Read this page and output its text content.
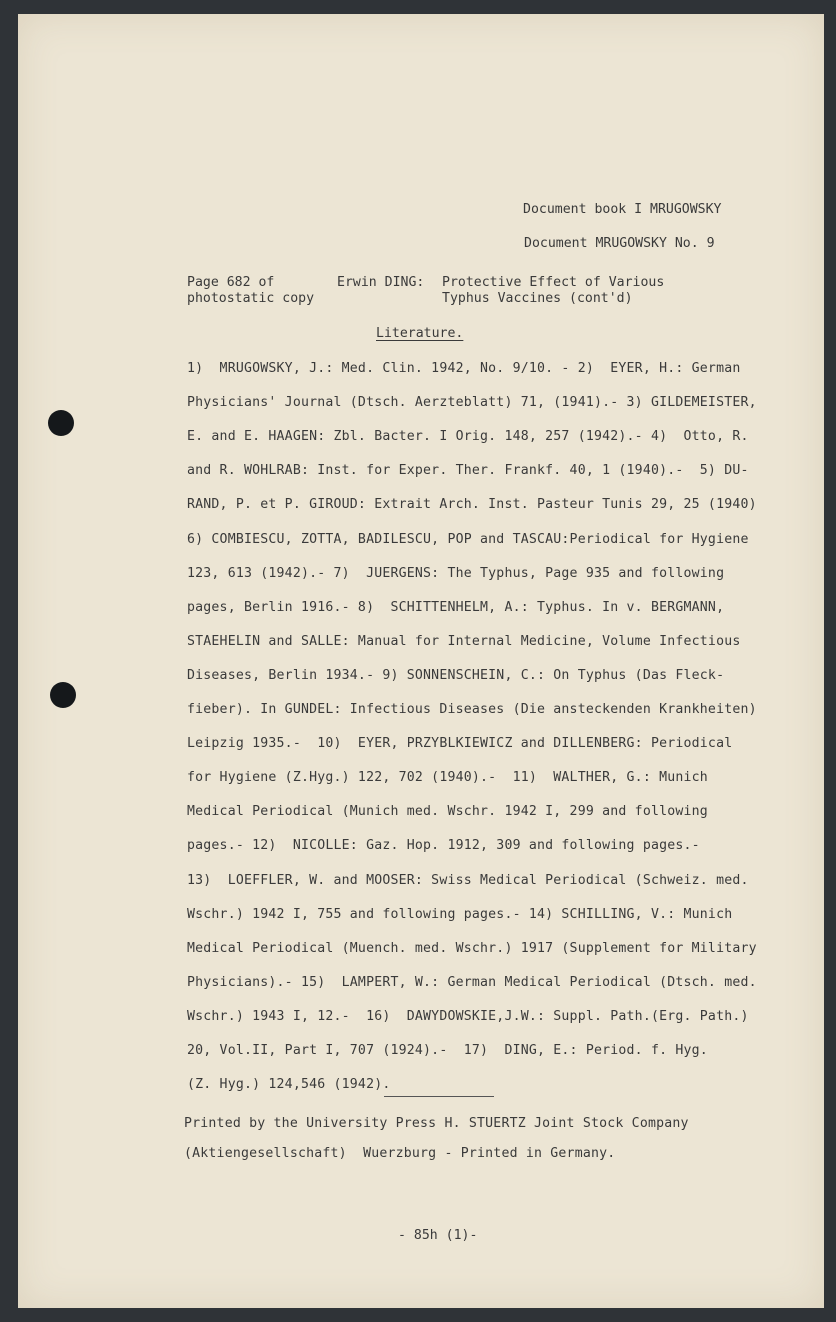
Document book I MRUGOWSKY
Document MRUGOWSKY No. 9
Page 682 of
photostatic copy
Erwin DING: Protective Effect of Various
Typhus Vaccines (cont'd)
Literature.
1)  MRUGOWSKY, J.: Med. Clin. 1942, No. 9/10. - 2)  EYER, H.: German
Physicians' Journal (Dtsch. Aerzteblatt) 71, (1941).- 3) GILDEMEISTER,
E. and E. HAAGEN: Zbl. Bacter. I Orig. 148, 257 (1942).- 4)  Otto, R.
and R. WOHLRAB: Inst. for Exper. Ther. Frankf. 40, 1 (1940).-  5) DU-
RAND, P. et P. GIROUD: Extrait Arch. Inst. Pasteur Tunis 29, 25 (1940)
6) COMBIESCU, ZOTTA, BADILESCU, POP and TASCAU:Periodical for Hygiene
123, 613 (1942).- 7)  JUERGENS: The Typhus, Page 935 and following
pages, Berlin 1916.- 8)  SCHITTENHELM, A.: Typhus. In v. BERGMANN,
STAEHELIN and SALLE: Manual for Internal Medicine, Volume Infectious
Diseases, Berlin 1934.- 9) SONNENSCHEIN, C.: On Typhus (Das Fleck-
fieber). In GUNDEL: Infectious Diseases (Die ansteckenden Krankheiten)
Leipzig 1935.-  10)  EYER, PRZYBLKIEWICZ and DILLENBERG: Periodical
for Hygiene (Z.Hyg.) 122, 702 (1940).-  11)  WALTHER, G.: Munich
Medical Periodical (Munich med. Wschr. 1942 I, 299 and following
pages.- 12)  NICOLLE: Gaz. Hop. 1912, 309 and following pages.-
13)  LOEFFLER, W. and MOOSER: Swiss Medical Periodical (Schweiz. med.
Wschr.) 1942 I, 755 and following pages.- 14) SCHILLING, V.: Munich
Medical Periodical (Muench. med. Wschr.) 1917 (Supplement for Military
Physicians).- 15)  LAMPERT, W.: German Medical Periodical (Dtsch. med.
Wschr.) 1943 I, 12.-  16)  DAWYDOWSKIE,J.W.: Suppl. Path.(Erg. Path.)
20, Vol.II, Part I, 707 (1924).-  17)  DING, E.: Period. f. Hyg.
(Z. Hyg.) 124,546 (1942).
Printed by the University Press H. STUERTZ Joint Stock Company
(Aktiengesellschaft)  Wuerzburg - Printed in Germany.
- 85h (1)-
